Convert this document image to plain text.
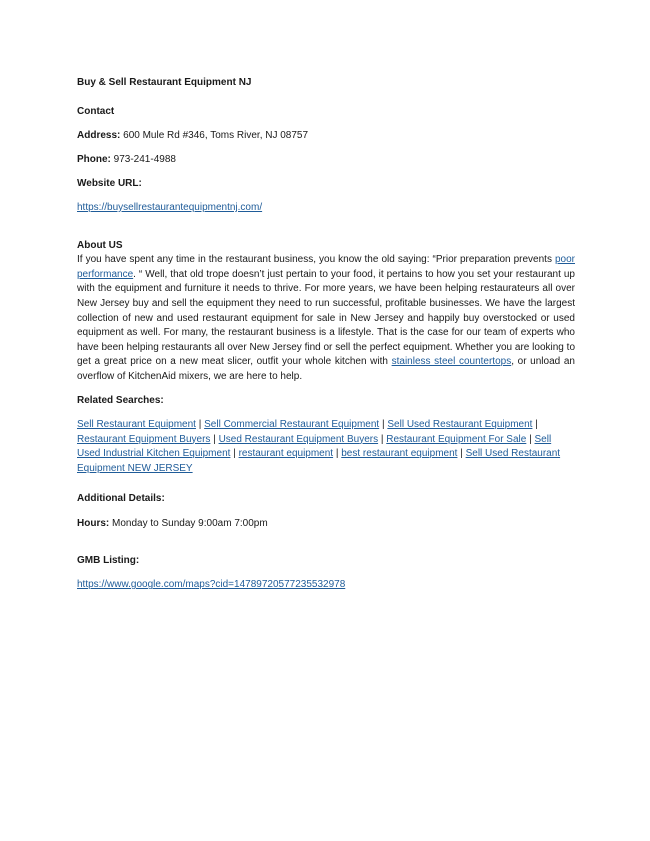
Buy & Sell Restaurant Equipment NJ

Contact

Address: 600 Mule Rd #346, Toms River, NJ 08757

Phone: 973-241-4988

Website URL:

https://buysellrestaurantequipmentnj.com/

About US

If you have spent any time in the restaurant business, you know the old saying: “Prior preparation prevents poor performance. “ Well, that old trope doesn’t just pertain to your food, it pertains to how you set your restaurant up with the equipment and furniture it needs to thrive. For more years, we have been helping restaurateurs all over New Jersey buy and sell the equipment they need to run successful, profitable businesses. We have the largest collection of new and used restaurant equipment for sale in New Jersey and happily buy overstocked or used equipment as well. For many, the restaurant business is a lifestyle. That is the case for our team of experts who have been helping restaurants all over New Jersey find or sell the perfect equipment. Whether you are looking to get a great price on a new meat slicer, outfit your whole kitchen with stainless steel countertops, or unload an overflow of KitchenAid mixers, we are here to help.

Related Searches:

Sell Restaurant Equipment | Sell Commercial Restaurant Equipment | Sell Used Restaurant Equipment | Restaurant Equipment Buyers | Used Restaurant Equipment Buyers | Restaurant Equipment For Sale | Sell Used Industrial Kitchen Equipment | restaurant equipment | best restaurant equipment | Sell Used Restaurant Equipment NEW JERSEY

Additional Details:

Hours: Monday to Sunday 9:00am 7:00pm

GMB Listing:

https://www.google.com/maps?cid=14789720577235532978
